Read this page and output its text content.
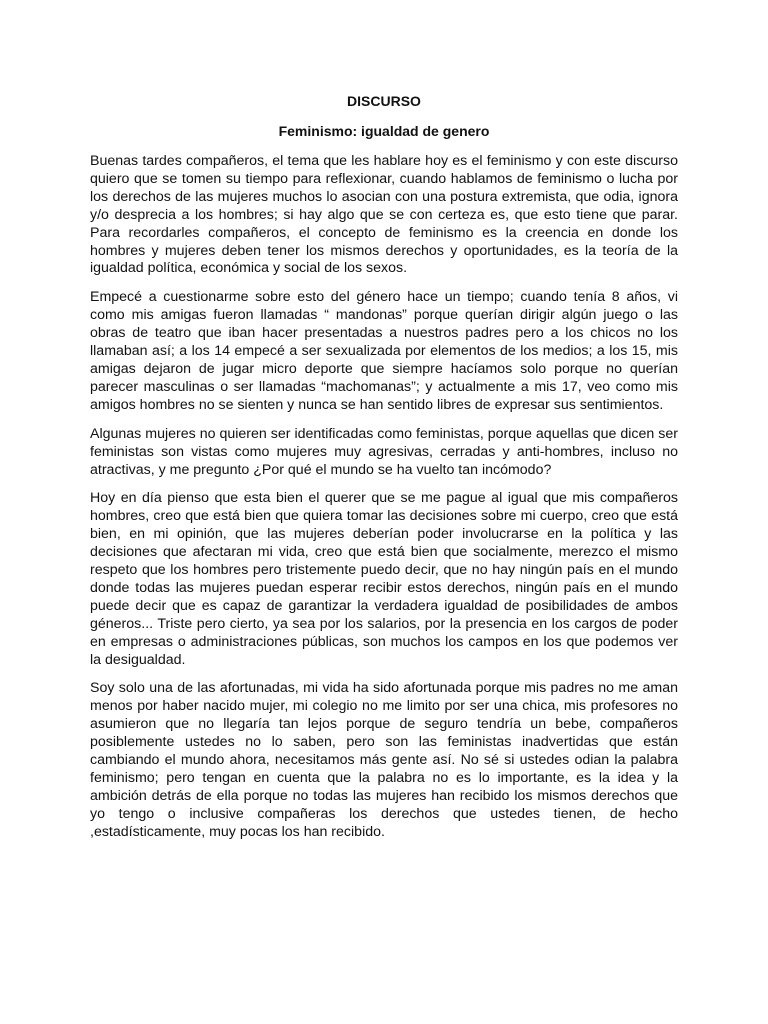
DISCURSO
Feminismo: igualdad de genero

Buenas tardes compañeros, el tema que les hablare hoy es el feminismo y con este discurso quiero que se tomen su tiempo para reflexionar, cuando hablamos de feminismo o lucha por los derechos de las mujeres muchos lo asocian con una postura extremista, que odia, ignora y/o desprecia a los hombres; si hay algo que se con certeza es, que esto tiene que parar. Para recordarles compañeros, el concepto de feminismo es la creencia en donde los hombres y mujeres deben tener los mismos derechos y oportunidades, es la teoría de la igualdad política, económica y social de los sexos.

Empecé a cuestionarme sobre esto del género hace un tiempo; cuando tenía 8 años, vi como mis amigas fueron llamadas “ mandonas” porque querían dirigir algún juego o las obras de teatro que iban hacer presentadas a nuestros padres pero a los chicos no los llamaban así; a los 14 empecé a ser sexualizada por elementos de los medios; a los 15, mis amigas dejaron de jugar micro deporte que siempre hacíamos solo porque no querían parecer masculinas o ser llamadas “machomanas”; y actualmente a mis 17, veo como mis amigos hombres no se sienten y nunca se han sentido libres de expresar sus sentimientos.

Algunas mujeres no quieren ser identificadas como feministas, porque aquellas que dicen ser feministas son vistas como mujeres muy agresivas, cerradas y anti-hombres, incluso no atractivas, y me pregunto ¿Por qué el mundo se ha vuelto tan incómodo?

Hoy en día pienso que esta bien el querer que se me pague al igual que mis compañeros hombres, creo que está bien que quiera tomar las decisiones sobre mi cuerpo, creo que está bien, en mi opinión, que las mujeres deberían poder involucrarse en la política y las decisiones que afectaran mi vida, creo que está bien que socialmente, merezco el mismo respeto que los hombres pero tristemente puedo decir, que no hay ningún país en el mundo donde todas las mujeres puedan esperar recibir estos derechos, ningún país en el mundo puede decir que es capaz de garantizar la verdadera igualdad de posibilidades de ambos géneros... Triste pero cierto, ya sea por los salarios, por la presencia en los cargos de poder en empresas o administraciones públicas, son muchos los campos en los que podemos ver la desigualdad.

Soy solo una de las afortunadas, mi vida ha sido afortunada porque mis padres no me aman menos por haber nacido mujer, mi colegio no me limito por ser una chica, mis profesores no asumieron que no llegaría tan lejos porque de seguro tendría un bebe, compañeros posiblemente ustedes no lo saben, pero son las feministas inadvertidas que están cambiando el mundo ahora, necesitamos más gente así. No sé si ustedes odian la palabra feminismo; pero tengan en cuenta que la palabra no es lo importante, es la idea y la ambición detrás de ella porque no todas las mujeres han recibido los mismos derechos que yo tengo o inclusive compañeras los derechos que ustedes tienen, de hecho ,estadísticamente, muy pocas los han recibido.
